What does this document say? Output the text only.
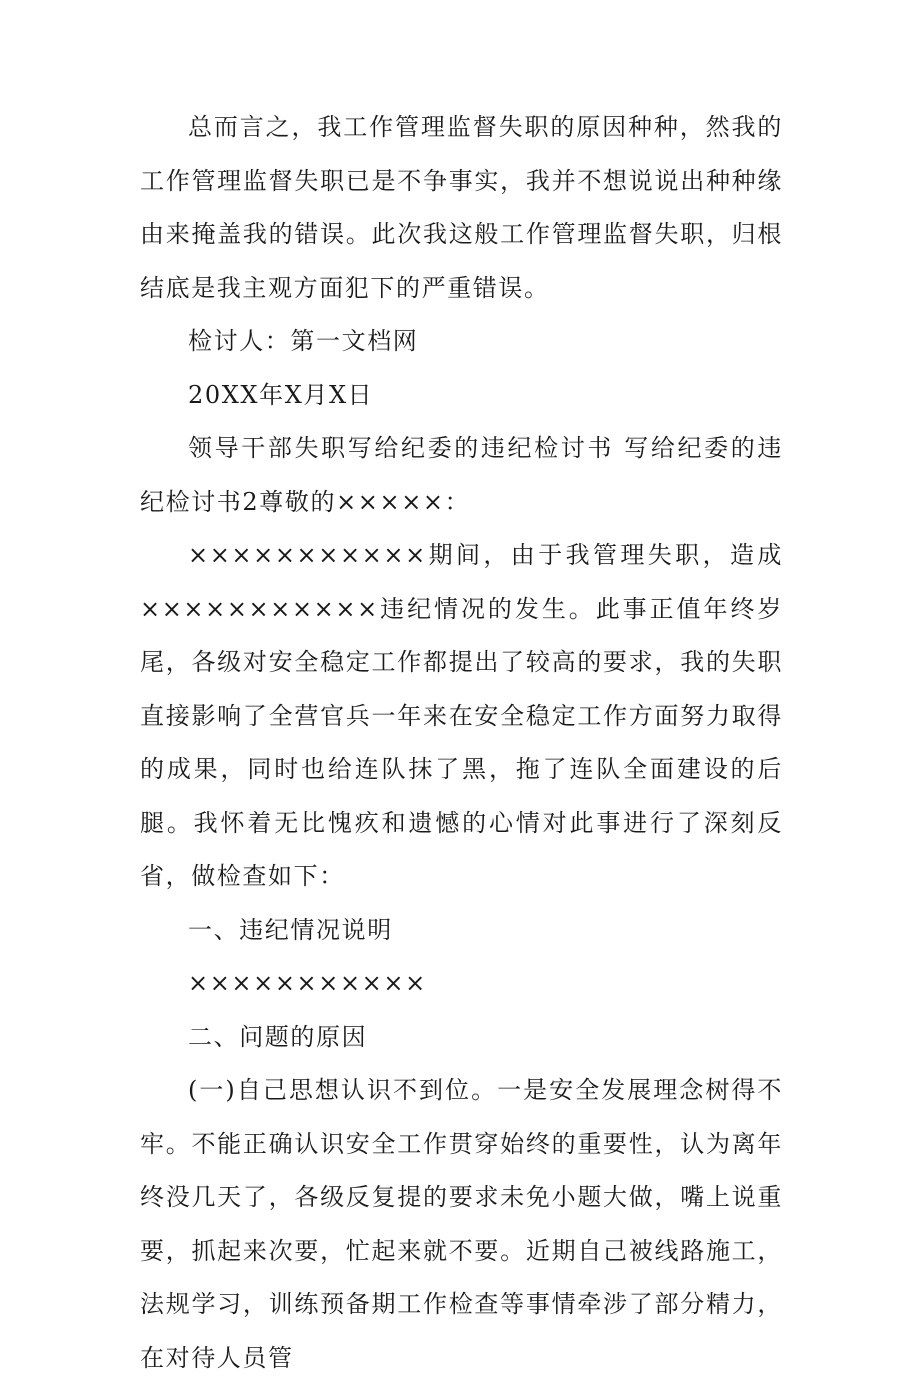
总而言之，我工作管理监督失职的原因种种，然我的工作管理监督失职已是不争事实，我并不想说说出种种缘由来掩盖我的错误。此次我这般工作管理监督失职，归根结底是我主观方面犯下的严重错误。

检讨人：第一文档网

20XX年X月X日

领导干部失职写给纪委的违纪检讨书 写给纪委的违纪检讨书2尊敬的×××××：

×××××××××××期间，由于我管理失职，造成×××××××××××违纪情况的发生。此事正值年终岁尾，各级对安全稳定工作都提出了较高的要求，我的失职直接影响了全营官兵一年来在安全稳定工作方面努力取得的成果，同时也给连队抹了黑，拖了连队全面建设的后腿。我怀着无比愧疚和遗憾的心情对此事进行了深刻反省，做检查如下：

一、违纪情况说明

×××××××××××

二、问题的原因

(一)自己思想认识不到位。一是安全发展理念树得不牢。不能正确认识安全工作贯穿始终的重要性，认为离年终没几天了，各级反复提的要求未免小题大做，嘴上说重要，抓起来次要，忙起来就不要。近期自己被线路施工，法规学习，训练预备期工作检查等事情牵涉了部分精力，在对待人员管
